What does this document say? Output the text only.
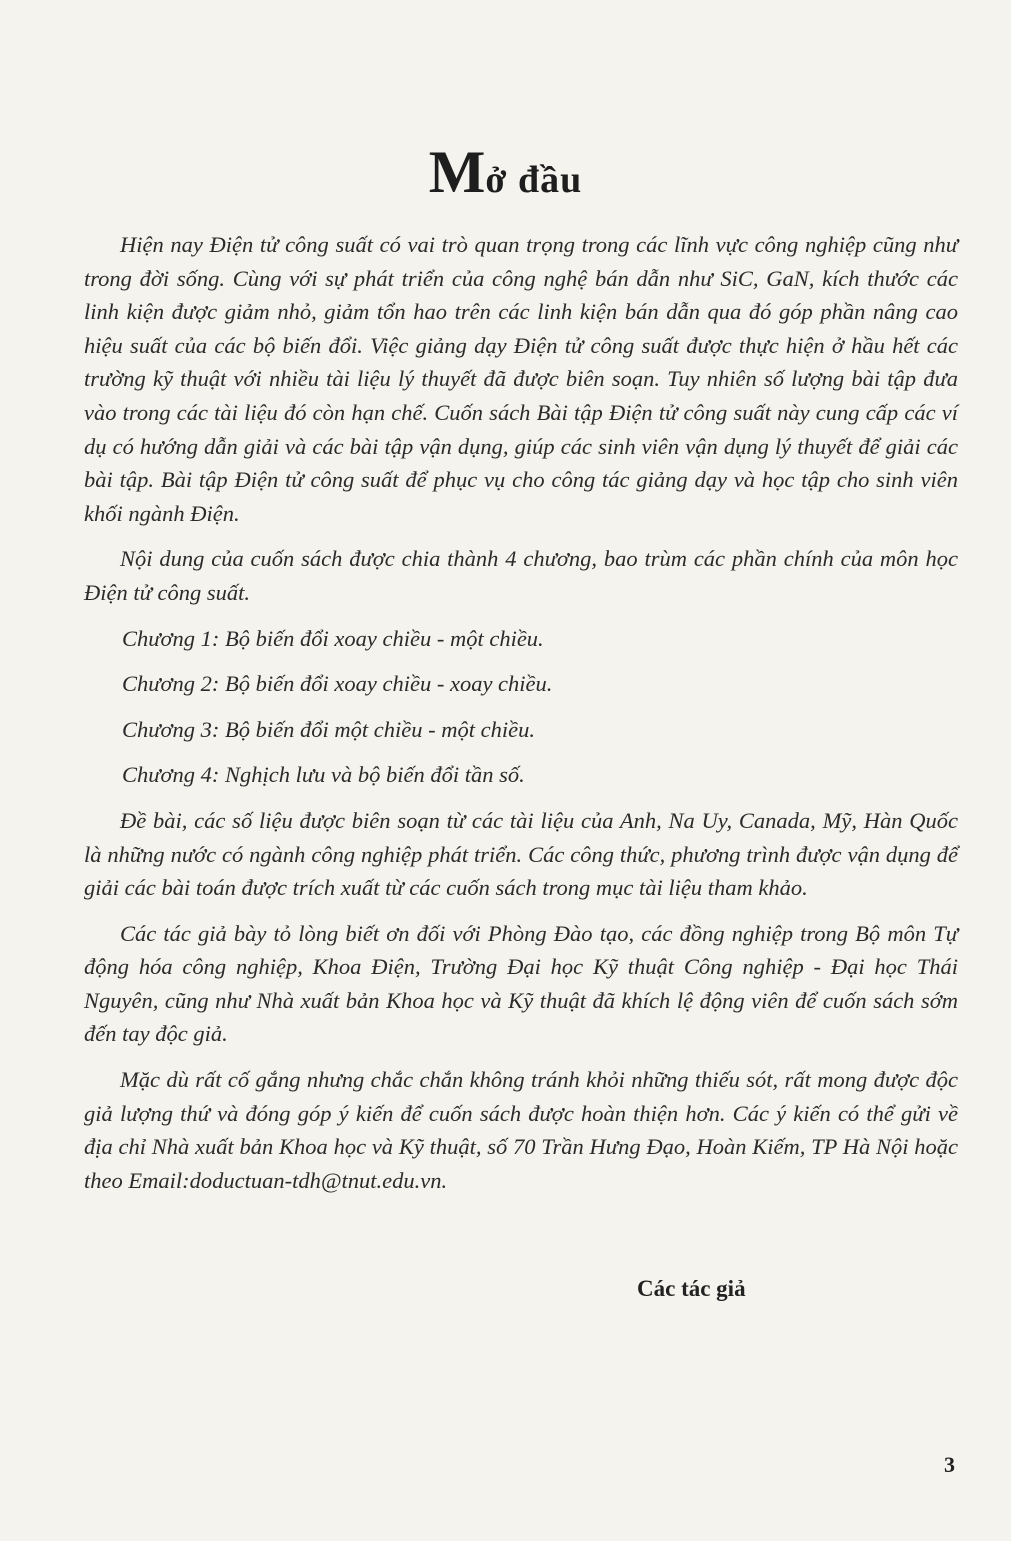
Mở đầu

Hiện nay Điện tử công suất có vai trò quan trọng trong các lĩnh vực công nghiệp cũng như trong đời sống. Cùng với sự phát triển của công nghệ bán dẫn như SiC, GaN, kích thước các linh kiện được giảm nhỏ, giảm tổn hao trên các linh kiện bán dẫn qua đó góp phần nâng cao hiệu suất của các bộ biến đổi. Việc giảng dạy Điện tử công suất được thực hiện ở hầu hết các trường kỹ thuật với nhiều tài liệu lý thuyết đã được biên soạn. Tuy nhiên số lượng bài tập đưa vào trong các tài liệu đó còn hạn chế. Cuốn sách Bài tập Điện tử công suất này cung cấp các ví dụ có hướng dẫn giải và các bài tập vận dụng, giúp các sinh viên vận dụng lý thuyết để giải các bài tập. Bài tập Điện tử công suất để phục vụ cho công tác giảng dạy và học tập cho sinh viên khối ngành Điện.

Nội dung của cuốn sách được chia thành 4 chương, bao trùm các phần chính của môn học Điện tử công suất.

Chương 1: Bộ biến đổi xoay chiều - một chiều.

Chương 2: Bộ biến đổi xoay chiều - xoay chiều.

Chương 3: Bộ biến đổi một chiều - một chiều.

Chương 4: Nghịch lưu và bộ biến đổi tần số.

Đề bài, các số liệu được biên soạn từ các tài liệu của Anh, Na Uy, Canada, Mỹ, Hàn Quốc là những nước có ngành công nghiệp phát triển. Các công thức, phương trình được vận dụng để giải các bài toán được trích xuất từ các cuốn sách trong mục tài liệu tham khảo.

Các tác giả bày tỏ lòng biết ơn đối với Phòng Đào tạo, các đồng nghiệp trong Bộ môn Tự động hóa công nghiệp, Khoa Điện, Trường Đại học Kỹ thuật Công nghiệp - Đại học Thái Nguyên, cũng như Nhà xuất bản Khoa học và Kỹ thuật đã khích lệ động viên để cuốn sách sớm đến tay độc giả.

Mặc dù rất cố gắng nhưng chắc chắn không tránh khỏi những thiếu sót, rất mong được độc giả lượng thứ và đóng góp ý kiến để cuốn sách được hoàn thiện hơn. Các ý kiến có thể gửi về địa chỉ Nhà xuất bản Khoa học và Kỹ thuật, số 70 Trần Hưng Đạo, Hoàn Kiếm, TP Hà Nội hoặc theo Email:doductuan-tdh@tnut.edu.vn.

Các tác giả
3
